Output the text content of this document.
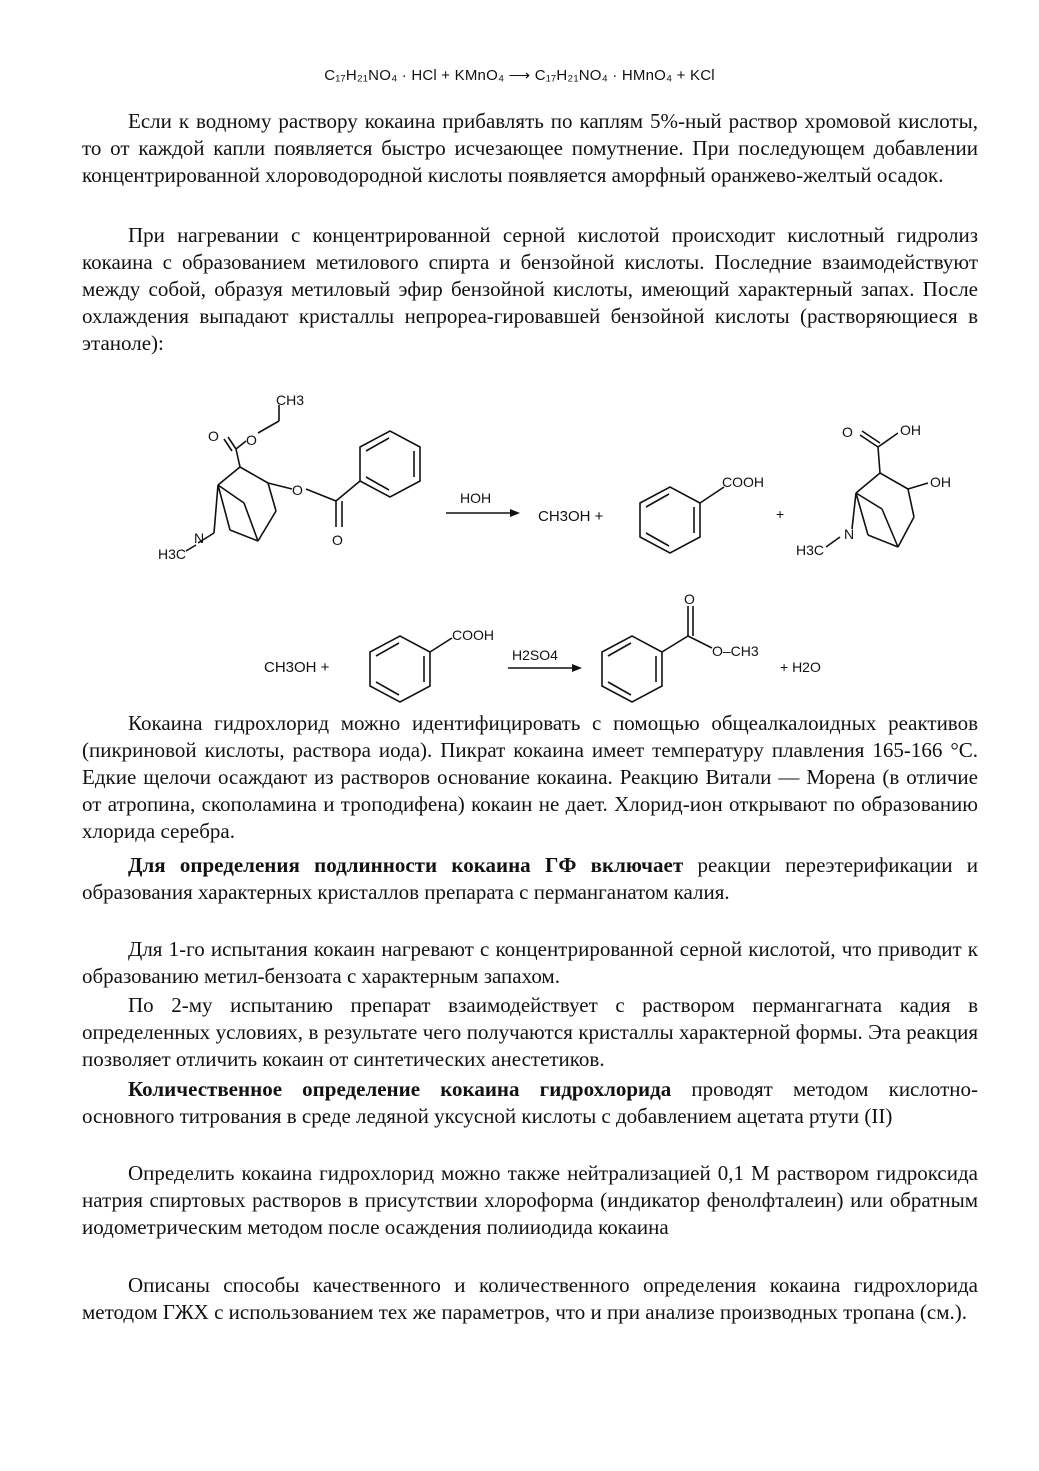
C₁₇H₂₁NO₄ · HCl + KMnO₄ ⟶ C₁₇H₂₁NO₄ · HMnO₄ + KCl

Если к водному раствору кокаина прибавлять по каплям 5%-ный раствор хромовой кислоты, то от каждой капли появляется быстро исчезающее помутнение. При последующем добавлении концентрированной хлороводородной кислоты появляется аморфный оранжево-желтый осадок.

При нагревании с концентрированной серной кислотой происходит кислотный гидролиз кокаина с образованием метилового спирта и бензойной кислоты. Последние взаимодействуют между собой, образуя метиловый эфир бензойной кислоты, имеющий характерный запах. После охлаждения выпадают кристаллы непрореа-гировавшей бензойной кислоты (растворяющиеся в этаноле):

CH3
O O
O
O
N
H3C
HOH
CH3OH +
COOH
+
O	OH
OH
N
H3C
CH3OH +
COOH
H2SO4
O
O–CH3
+ H2O

Кокаина гидрохлорид можно идентифицировать с помощью общеалкалоидных реактивов (пикриновой кислоты, раствора иода). Пикрат кокаина имеет температуру плавления 165-166 °С. Едкие щелочи осаждают из растворов основание кокаина. Реакцию Витали — Морена (в отличие от атропина, скополамина и троподифена) кокаин не дает. Хлорид-ион открывают по образованию хлорида серебра.

Для определения подлинности кокаина ГФ включает реакции переэтерификации и образования характерных кристаллов препарата с перманганатом калия.

Для 1-го испытания кокаин нагревают с концентрированной серной кислотой, что приводит к образованию метил-бензоата с характерным запахом.

По 2-му испытанию препарат взаимодействует с раствором пермангагната кадия в определенных условиях, в результате чего получаются кристаллы характерной формы. Эта реакция позволяет отличить кокаин от синтетических анестетиков.

Количественное определение кокаина гидрохлорида проводят методом кислотно-основного титрования в среде ледяной уксусной кислоты с добавлением ацетата ртути (II)

Определить кокаина гидрохлорид можно также нейтрализацией 0,1 М раствором гидроксида натрия спиртовых растворов в присутствии хлороформа (индикатор фенолфталеин) или обратным иодометрическим методом после осаждения полииодида кокаина

Описаны способы качественного и количественного определения кокаина гидрохлорида методом ГЖХ с использованием тех же параметров, что и при анализе производных тропана (см.).
